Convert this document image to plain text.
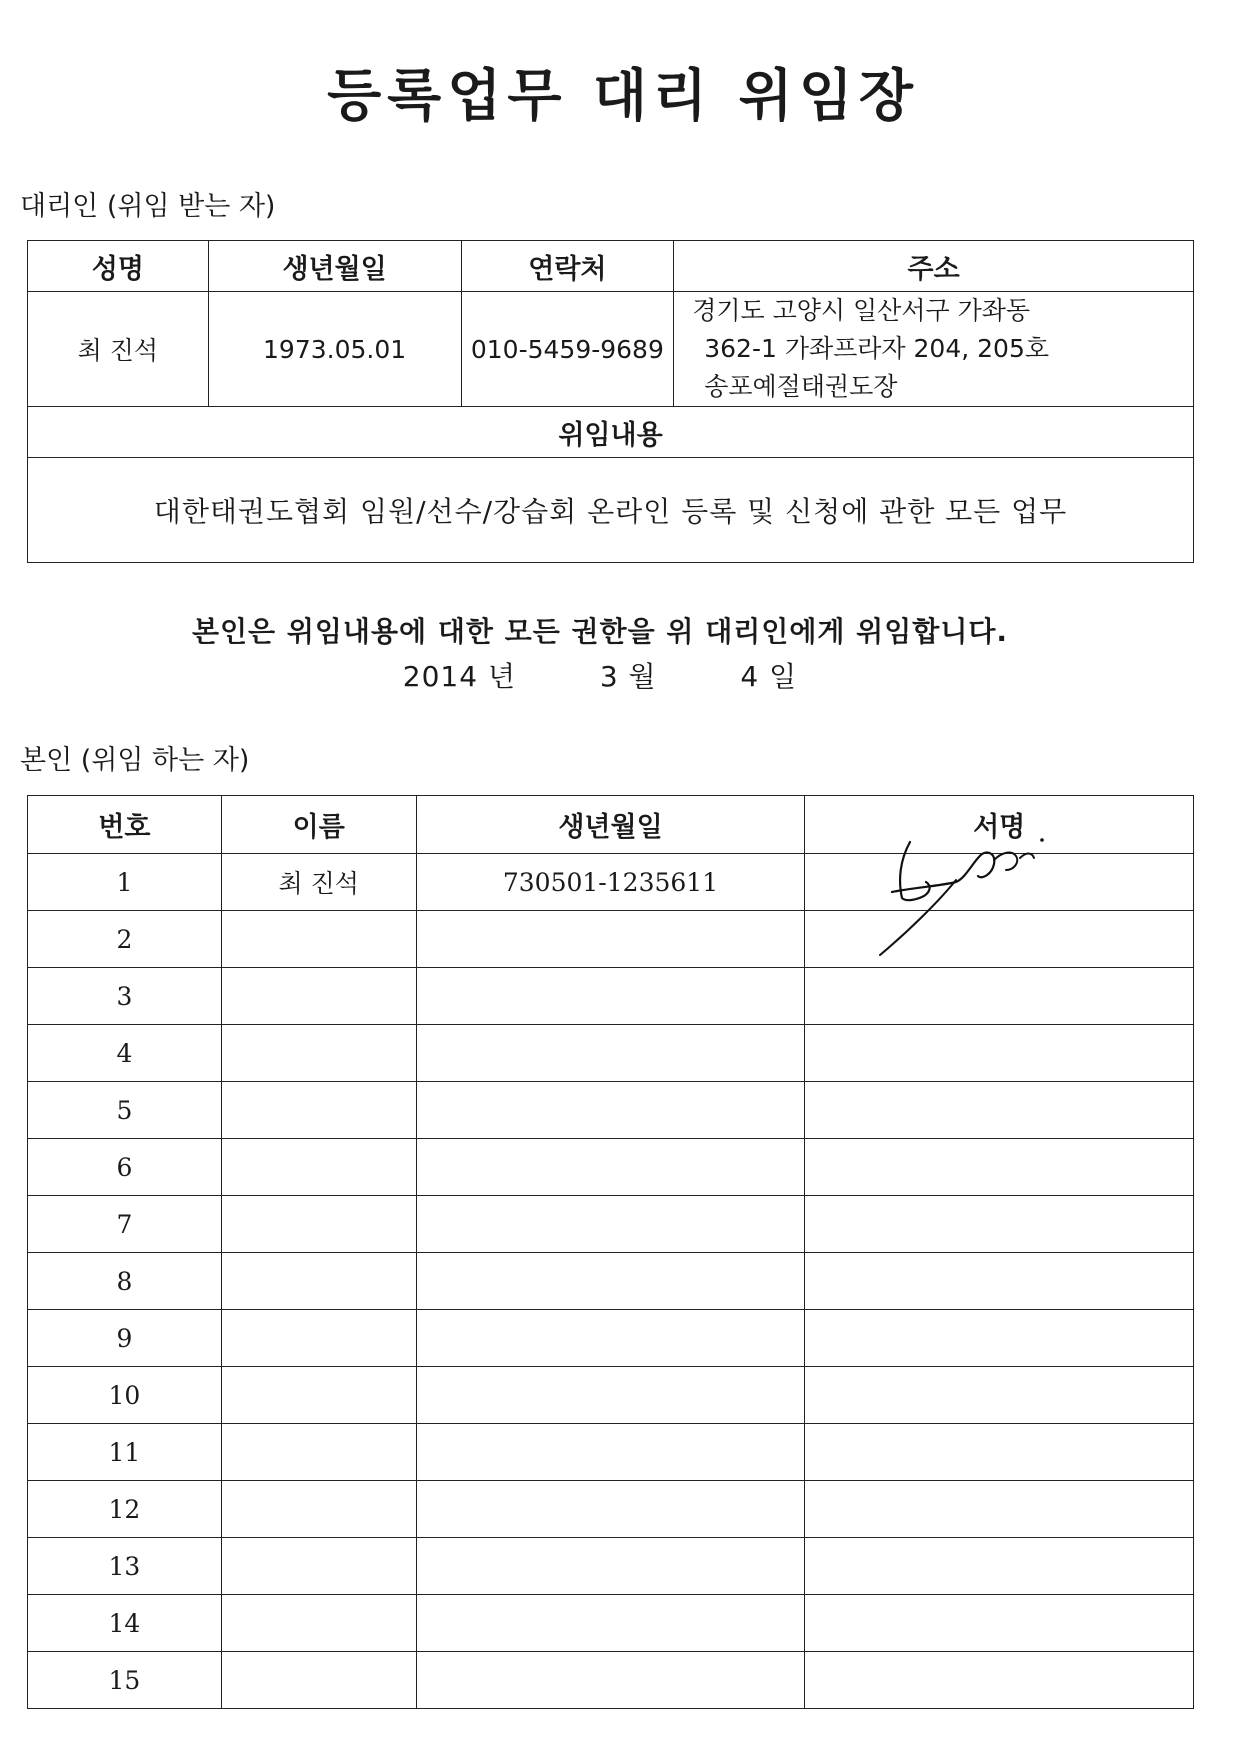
등록업무 대리 위임장
대리인 (위임 받는 자)
성명	생년월일	연락처	주소
최 진석	1973.05.01	010-5459-9689	경기도 고양시 일산서구 가좌동
362-1 가좌프라자 204, 205호
송포예절태권도장

위임내용			
대한태권도협회 임원/선수/강습회 온라인 등록 및 신청에 관한 모든 업무			
본인은 위임내용에 대한 모든 권한을 위 대리인에게 위임합니다.
2014 년	3 월	4 일
본인 (위임 하는 자)
번호	이름	생년월일	서명
1	최 진석	730501-1235611	
2			
3			
4			
5			
6			
7			
8			
9			
10			
11			
12			
13			
14			
15			
